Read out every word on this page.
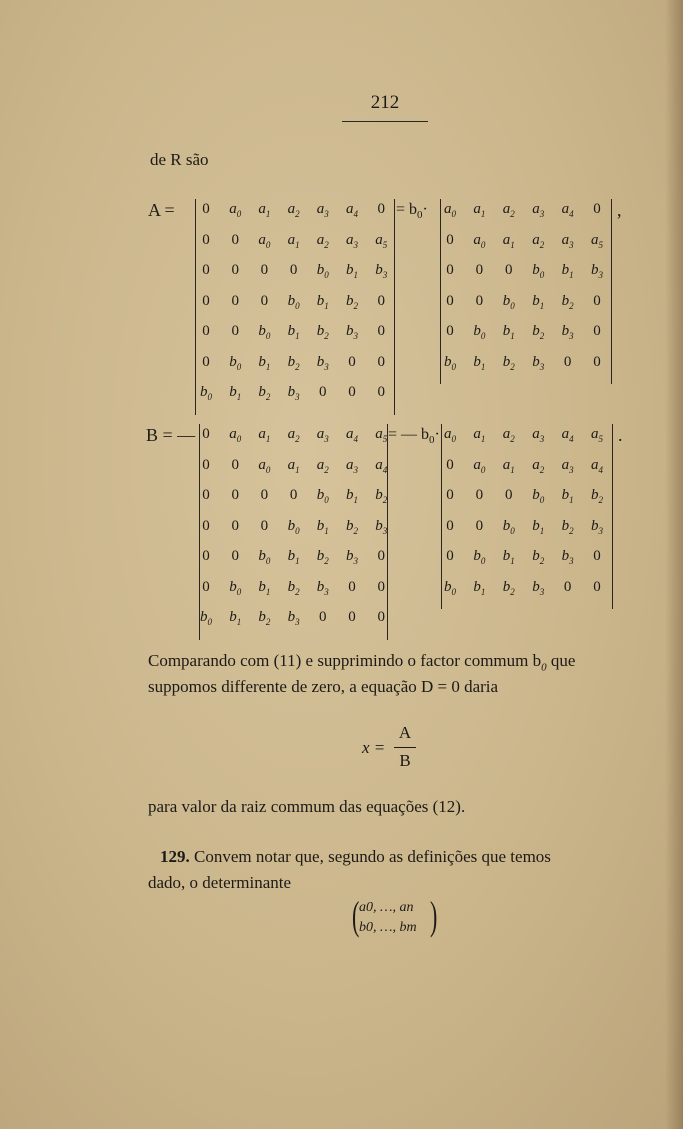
212
de R são
A =	0	$a_0$	$a_1$	$a_2$	$a_3$	$a_4$	0
0	0	$a_0$	$a_1$	$a_2$	$a_3$	$a_5$
0	0	0	0	$b_0$	$b_1$	$b_3$
0	0	0	$b_0$	$b_1$	$b_2$	0
0	0	$b_0$	$b_1$	$b_2$	$b_3$	0
0	$b_0$	$b_1$	$b_2$	$b_3$	0	0
$b_0$	$b_1$	$b_2$	$b_3$	0	0	0
= $b_0\cdot$	$a_0$	$a_1$	$a_2$	$a_3$	$a_4$	0
0	$a_0$	$a_1$	$a_2$	$a_3$	$a_5$
0	0	0	$b_0$	$b_1$	$b_3$
0	0	$b_0$	$b_1$	$b_2$	0
0	$b_0$	$b_1$	$b_2$	$b_3$	0
$b_0$	$b_1$	$b_2$	$b_3$	0	0
,
B = — 0	$a_0$	$a_1$	$a_2$	$a_3$	$a_4$	$a_5$
0	0	$a_0$	$a_1$	$a_2$	$a_3$	$a_4$
0	0	0	0	$b_0$	$b_1$	$b_2$
0	0	0	$b_0$	$b_1$	$b_2$	$b_3$
0	0	$b_0$	$b_1$	$b_2$	$b_3$	0
0	$b_0$	$b_1$	$b_2$	$b_3$	0	0
$b_0$	$b_1$	$b_2$	$b_3$	0	0	0
= — $b_0\cdot a_0$	$a_1$	$a_2$	$a_3$	$a_4$	$a_5$
0	$a_0$	$a_1$	$a_2$	$a_3$	$a_4$
0	0	0	$b_0$	$b_1$	$b_2$
0	0	$b_0$	$b_1$	$b_2$	$b_3$
0	$b_0$	$b_1$	$b_2$	$b_3$	0
$b_0$	$b_1$	$b_2$	$b_3$	0	0
.
Comparando com (11) e supprimindo o factor commum $b_0$ que
suppomos differente de zero, a equação D = 0 daria
x =
A
B
para valor da raiz commum das equações (12).
129. Convem notar que, segundo as definições que temos
dado, o determinante
( a0, …, an
b0, …, bm )
